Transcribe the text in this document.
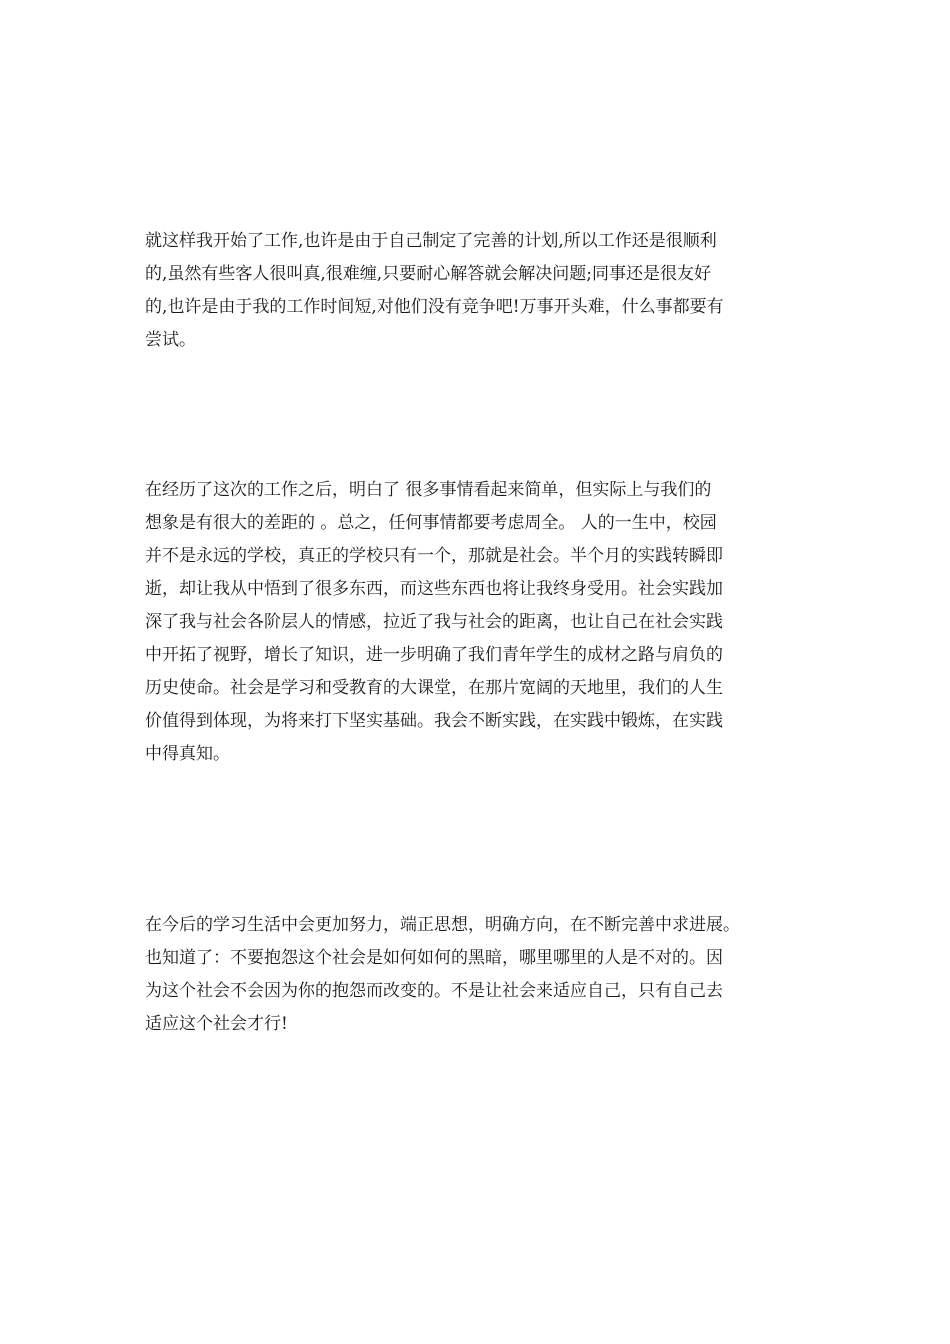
就这样我开始了工作,也许是由于自己制定了完善的计划,所以工作还是很顺利
的,虽然有些客人很叫真,很难缠,只要耐心解答就会解决问题;同事还是很友好
的,也许是由于我的工作时间短,对他们没有竞争吧!万事开头难，什么事都要有
尝试。
在经历了这次的工作之后，明白了 很多事情看起来简单，但实际上与我们的
想象是有很大的差距的 。总之，任何事情都要考虑周全。 人的一生中，校园
并不是永远的学校，真正的学校只有一个，那就是社会。半个月的实践转瞬即
逝，却让我从中悟到了很多东西，而这些东西也将让我终身受用。社会实践加
深了我与社会各阶层人的情感，拉近了我与社会的距离，也让自己在社会实践
中开拓了视野，增长了知识，进一步明确了我们青年学生的成材之路与肩负的
历史使命。社会是学习和受教育的大课堂，在那片宽阔的天地里，我们的人生
价值得到体现，为将来打下坚实基础。我会不断实践，在实践中锻炼，在实践
中得真知。
在今后的学习生活中会更加努力，端正思想，明确方向，在不断完善中求进展。
也知道了：不要抱怨这个社会是如何如何的黑暗，哪里哪里的人是不对的。因
为这个社会不会因为你的抱怨而改变的。不是让社会来适应自己，只有自己去
适应这个社会才行!
